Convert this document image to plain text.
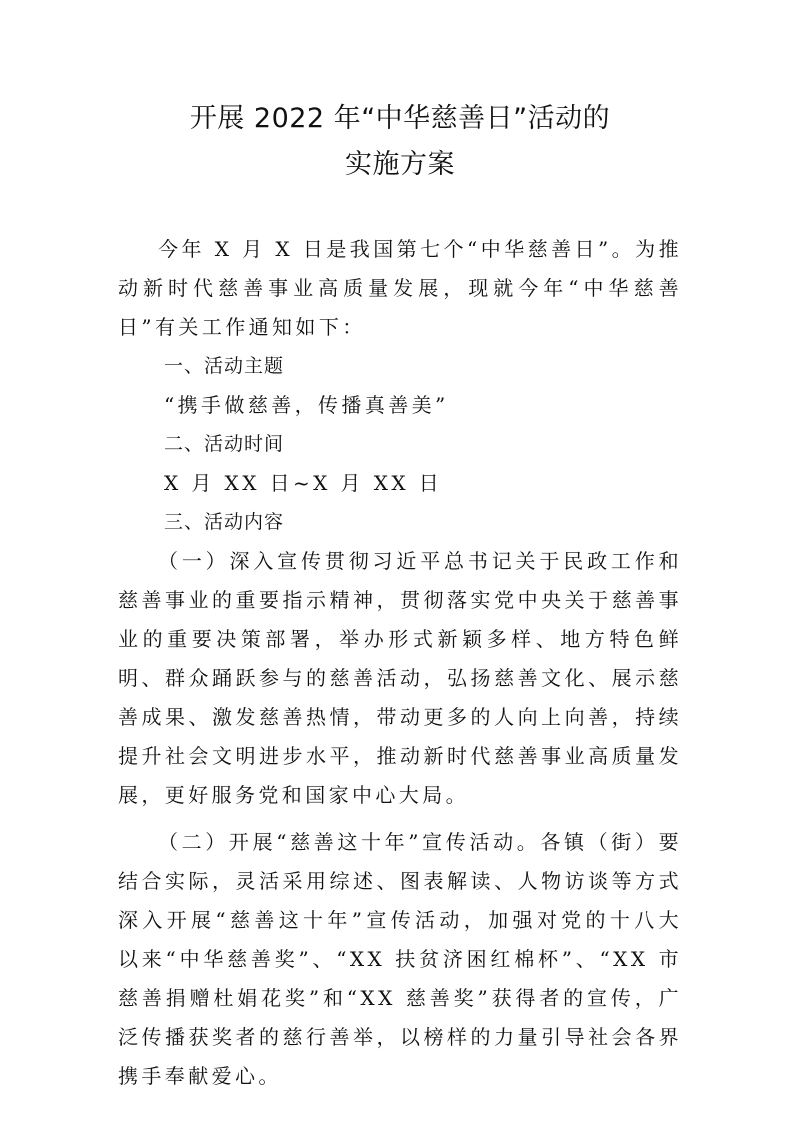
开展 2022 年“中华慈善日”活动的
实施方案

今年 X 月 X 日是我国第七个“中华慈善日”。为推动新时代慈善事业高质量发展，现就今年“中华慈善日”有关工作通知如下：

一、活动主题

“携手做慈善，传播真善美”

二、活动时间

X 月 XX 日~X 月 XX 日

三、活动内容

（一）深入宣传贯彻习近平总书记关于民政工作和慈善事业的重要指示精神，贯彻落实党中央关于慈善事业的重要决策部署，举办形式新颖多样、地方特色鲜明、群众踊跃参与的慈善活动，弘扬慈善文化、展示慈善成果、激发慈善热情，带动更多的人向上向善，持续提升社会文明进步水平，推动新时代慈善事业高质量发展，更好服务党和国家中心大局。

（二）开展“慈善这十年”宣传活动。各镇（街）要结合实际，灵活采用综述、图表解读、人物访谈等方式深入开展“慈善这十年”宣传活动，加强对党的十八大以来“中华慈善奖”、“XX 扶贫济困红棉杯”、“XX 市慈善捐赠杜娟花奖”和“XX 慈善奖”获得者的宣传，广泛传播获奖者的慈行善举，以榜样的力量引导社会各界携手奉献爱心。
